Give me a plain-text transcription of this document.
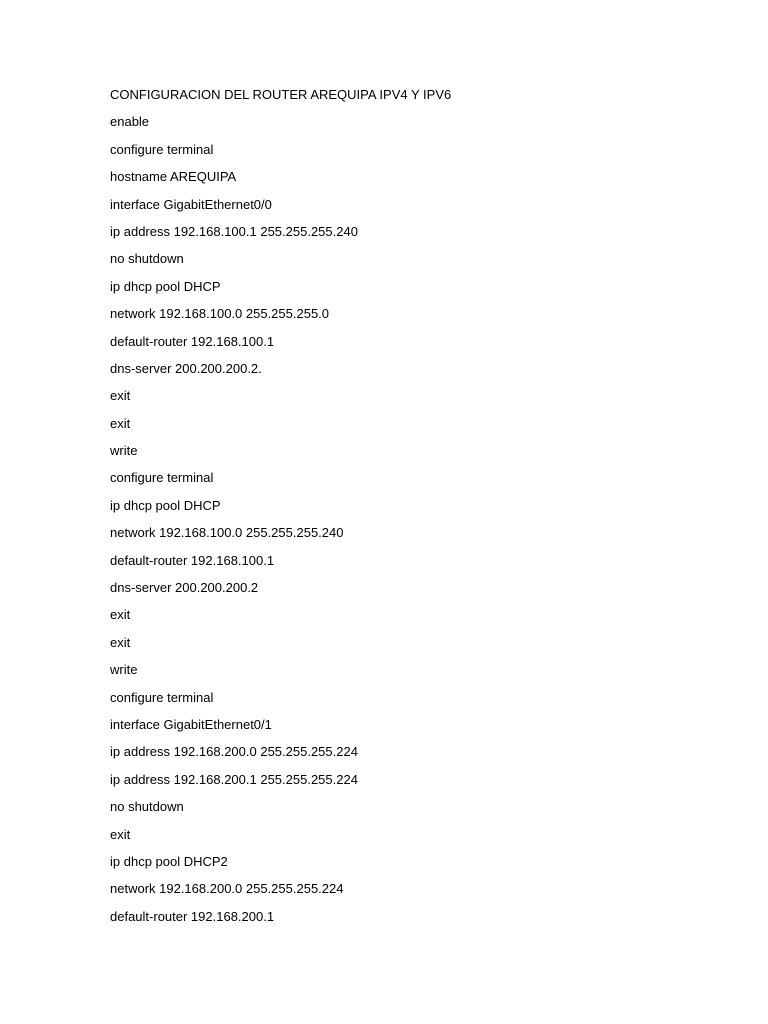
CONFIGURACION DEL ROUTER AREQUIPA IPV4 Y IPV6
enable
configure terminal
hostname AREQUIPA
interface GigabitEthernet0/0
ip address 192.168.100.1 255.255.255.240
no shutdown
ip dhcp pool DHCP
network 192.168.100.0 255.255.255.0
default-router 192.168.100.1
dns-server 200.200.200.2.
exit
exit
write
configure terminal
ip dhcp pool DHCP
network 192.168.100.0 255.255.255.240
default-router 192.168.100.1
dns-server 200.200.200.2
exit
exit
write
configure terminal
interface GigabitEthernet0/1
ip address 192.168.200.0 255.255.255.224
ip address 192.168.200.1 255.255.255.224
no shutdown
exit
ip dhcp pool DHCP2
network 192.168.200.0 255.255.255.224
default-router 192.168.200.1
